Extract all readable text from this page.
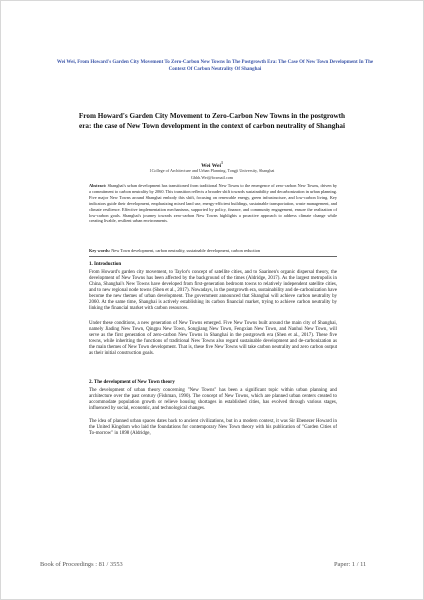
Wei Wei, From Howard's Garden City Movement To Zero-Carbon New Towns In The Postgrowth Era: The Case Of New Town Development In The Context Of Carbon Neutrality Of Shanghai
From Howard's Garden City Movement to Zero-Carbon New Towns in the postgrowth era: the case of New Town development in the context of carbon neutrality of Shanghai
Wei Wei$^1$
1College of Architecture and Urban Planning, Tongji University, Shanghai
Gbhh.Wei@foxmail.com
Abstract: Shanghai's urban development has transitioned from traditional New Towns to the emergence of zero-carbon New Towns, driven by a commitment to carbon neutrality by 2060. This transition reflects a broader shift towards sustainability and decarbonization in urban planning. Five major New Towns around Shanghai embody this shift, focusing on renewable energy, green infrastructure, and low-carbon living. Key indicators guide their development, emphasizing mixed land use, energy-efficient buildings, sustainable transportation, waste management, and climate resilience. Effective implementation mechanisms, supported by policy, finance, and community engagement, ensure the realization of low-carbon goals. Shanghai's journey towards zero-carbon New Towns highlights a proactive approach to address climate change while creating livable, resilient urban environments.
Key words: New Town development, carbon neutrality, sustainable development, carbon reduction
1. Introduction
From Howard's garden city movement, to Taylor's concept of satellite cities, and to Saarinen's organic dispersal theory, the development of New Towns has been affected by the background of the times (Aldridge, 2017). As the largest metropolis in China, Shanghai's New Towns have developed from first-generation bedroom towns to relatively independent satellite cities, and to new regional node towns (Shen et al., 2017). Nowadays, in the postgrowth era, sustainability and de-carbonization have become the new themes of urban development. The government announced that Shanghai will achieve carbon neutrality by 2060. At the same time, Shanghai is actively establishing its carbon financial market, trying to achieve carbon neutrality by linking the financial market with carbon resources.
Under these conditions, a new generation of New Towns emerged. Five New Towns built around the main city of Shanghai, namely Jiading New Town, Qingpu New Town, Songjiang New Town, Fengxian New Town, and Nanhui New Town, will serve as the first generation of zero-carbon New Towns in Shanghai in the postgrowth era (Shen et al., 2017). These five towns, while inheriting the functions of traditional New Towns also regard sustainable development and de-carbonization as the main themes of New Town development. That is, these five New Towns will take carbon neutrality and zero carbon output as their initial construction goals.
2. The development of New Town theory
The development of urban theory concerning "New Towns" has been a significant topic within urban planning and architecture over the past century (Fishman, 1990). The concept of New Towns, which are planned urban centers created to accommodate population growth or relieve housing shortages in established cities, has evolved through various stages, influenced by social, economic, and technological changes.
The idea of planned urban spaces dates back to ancient civilizations, but in a modern context, it was Sir Ebenezer Howard in the United Kingdom who laid the foundations for contemporary New Town theory with his publication of "Garden Cities of To-morrow" in 1898 (Aldridge,
Book of Proceedings : 81 / 3553	Paper: 1 / 11
